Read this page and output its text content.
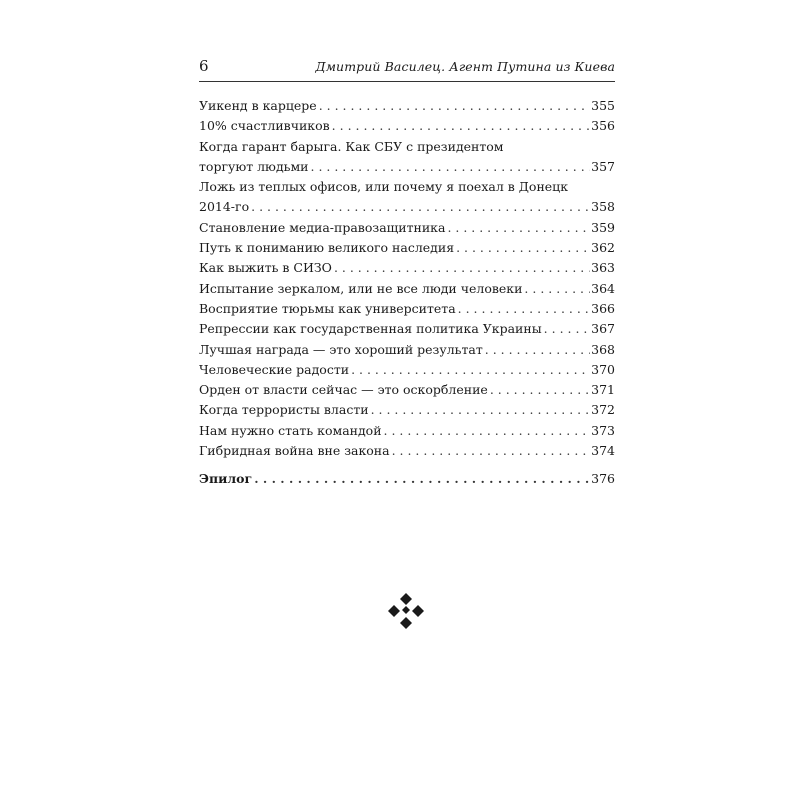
6	Дмитрий Василец. Агент Путина из Киева
Уикенд в карцере . . .	355
10% счастливчиков . . .	356
Когда гарант барыга. Как СБУ с президентом
торгуют людьми . . .	357
Ложь из теплых офисов, или почему я поехал в Донецк
2014-го . . .	358
Становление медиа-правозащитника . . .	359
Путь к пониманию великого наследия . . .	362
Как выжить в СИЗО . . .	363
Испытание зеркалом, или не все люди человеки . . .	364
Восприятие тюрьмы как университета . . .	366
Репрессии как государственная политика Украины . . .	367
Лучшая награда — это хороший результат . . .	368
Человеческие радости . . .	370
Орден от власти сейчас — это оскорбление . . .	371
Когда террористы власти . . .	372
Нам нужно стать командой . . .	373
Гибридная война вне закона . . .	374
Эпилог . . .	376
